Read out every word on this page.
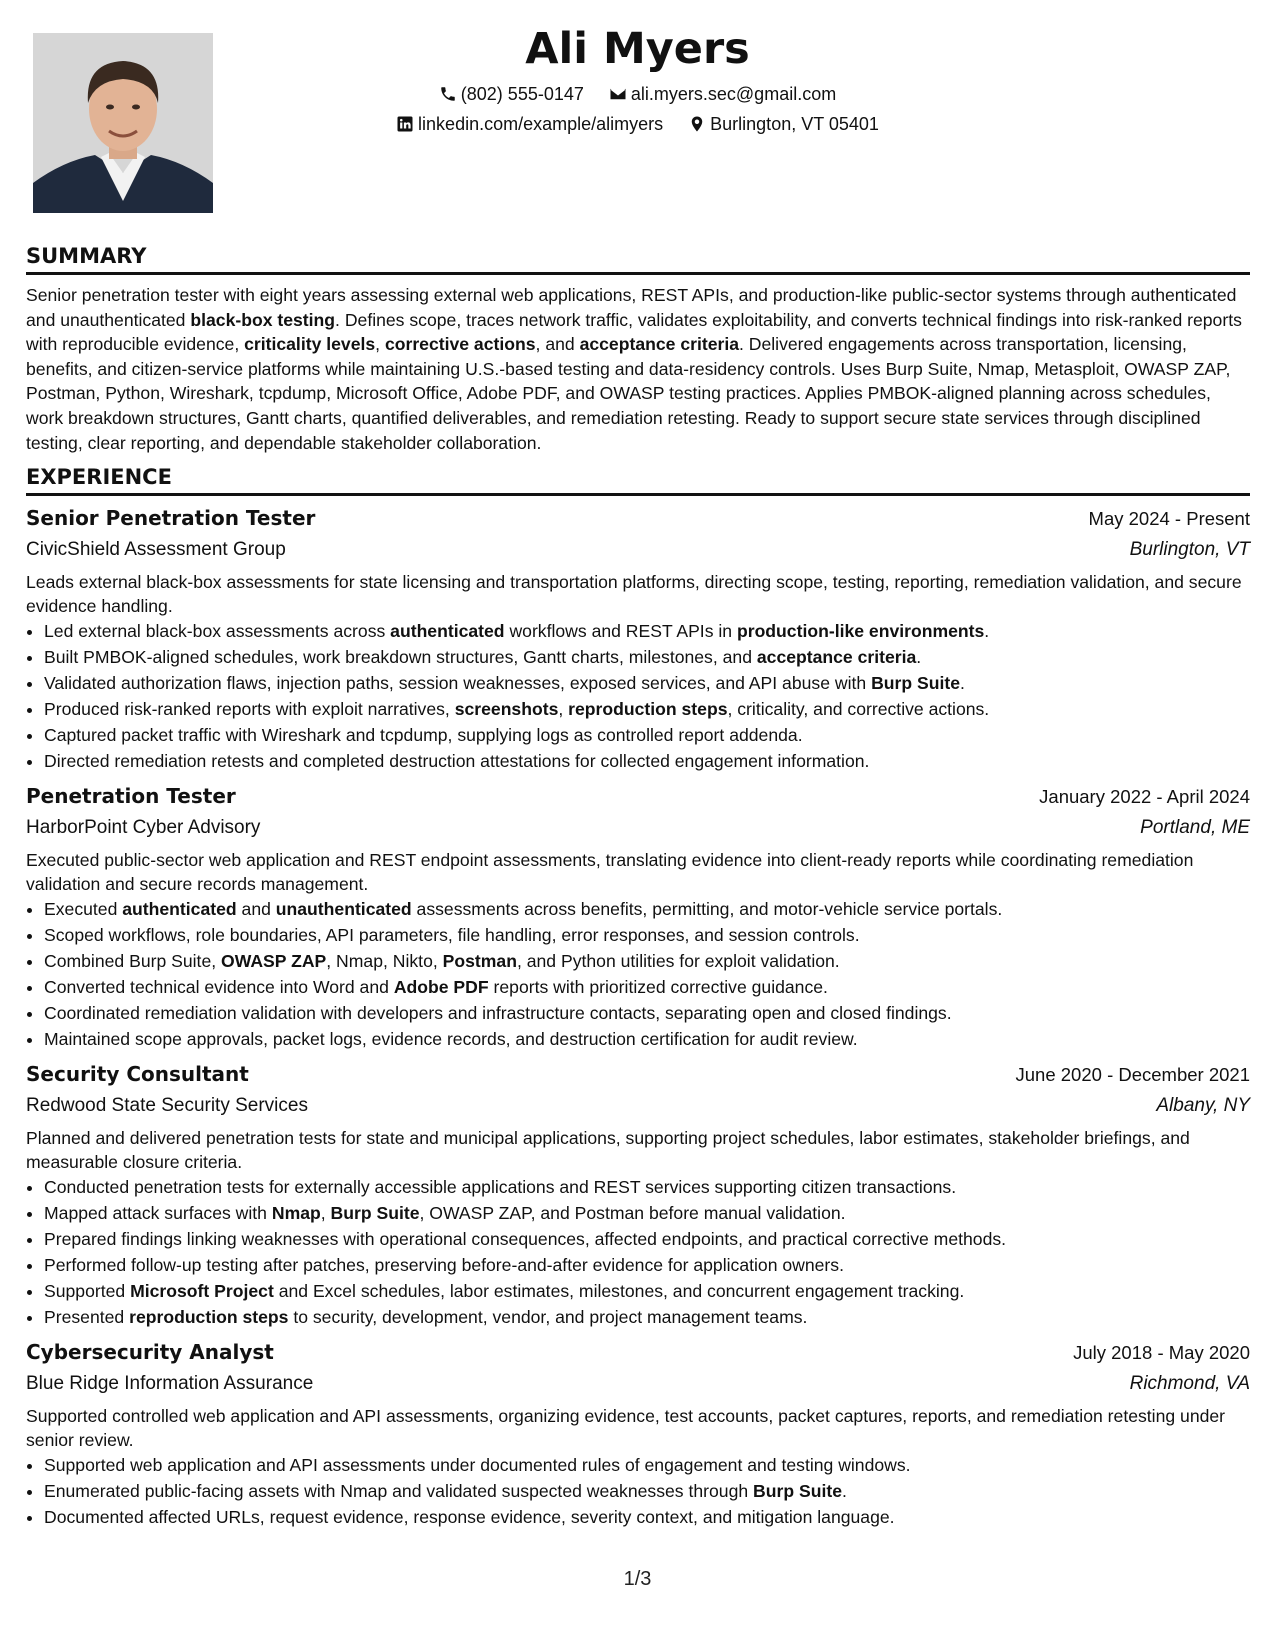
Ali Myers
(802) 555-0147	ali.myers.sec@gmail.com
linkedin.com/example/alimyers	Burlington, VT 05401
SUMMARY

Senior penetration tester with eight years assessing external web applications, REST APIs, and production-like public-sector systems through authenticated and unauthenticated black-box testing. Defines scope, traces network traffic, validates exploitability, and converts technical findings into risk-ranked reports with reproducible evidence, criticality levels, corrective actions, and acceptance criteria. Delivered engagements across transportation, licensing, benefits, and citizen-service platforms while maintaining U.S.-based testing and data-residency controls. Uses Burp Suite, Nmap, Metasploit, OWASP ZAP, Postman, Python, Wireshark, tcpdump, Microsoft Office, Adobe PDF, and OWASP testing practices. Applies PMBOK-aligned planning across schedules, work breakdown structures, Gantt charts, quantified deliverables, and remediation retesting. Ready to support secure state services through disciplined testing, clear reporting, and dependable stakeholder collaboration.

EXPERIENCE
Senior Penetration Tester	May 2024 - Present
CivicShield Assessment Group	Burlington, VT

Leads external black-box assessments for state licensing and transportation platforms, directing scope, testing, reporting, remediation validation, and secure evidence handling.

• Led external black-box assessments across authenticated workflows and REST APIs in production-like environments.
• Built PMBOK-aligned schedules, work breakdown structures, Gantt charts, milestones, and acceptance criteria.
• Validated authorization flaws, injection paths, session weaknesses, exposed services, and API abuse with Burp Suite.
• Produced risk-ranked reports with exploit narratives, screenshots, reproduction steps, criticality, and corrective actions.
• Captured packet traffic with Wireshark and tcpdump, supplying logs as controlled report addenda.
• Directed remediation retests and completed destruction attestations for collected engagement information.
Penetration Tester	January 2022 - April 2024
HarborPoint Cyber Advisory	Portland, ME

Executed public-sector web application and REST endpoint assessments, translating evidence into client-ready reports while coordinating remediation validation and secure records management.

• Executed authenticated and unauthenticated assessments across benefits, permitting, and motor-vehicle service portals.
• Scoped workflows, role boundaries, API parameters, file handling, error responses, and session controls.
• Combined Burp Suite, OWASP ZAP, Nmap, Nikto, Postman, and Python utilities for exploit validation.
• Converted technical evidence into Word and Adobe PDF reports with prioritized corrective guidance.
• Coordinated remediation validation with developers and infrastructure contacts, separating open and closed findings.
• Maintained scope approvals, packet logs, evidence records, and destruction certification for audit review.
Security Consultant	June 2020 - December 2021
Redwood State Security Services	Albany, NY

Planned and delivered penetration tests for state and municipal applications, supporting project schedules, labor estimates, stakeholder briefings, and measurable closure criteria.

• Conducted penetration tests for externally accessible applications and REST services supporting citizen transactions.
• Mapped attack surfaces with Nmap, Burp Suite, OWASP ZAP, and Postman before manual validation.
• Prepared findings linking weaknesses with operational consequences, affected endpoints, and practical corrective methods.
• Performed follow-up testing after patches, preserving before-and-after evidence for application owners.
• Supported Microsoft Project and Excel schedules, labor estimates, milestones, and concurrent engagement tracking.
• Presented reproduction steps to security, development, vendor, and project management teams.
Cybersecurity Analyst	July 2018 - May 2020
Blue Ridge Information Assurance	Richmond, VA

Supported controlled web application and API assessments, organizing evidence, test accounts, packet captures, reports, and remediation retesting under senior review.

• Supported web application and API assessments under documented rules of engagement and testing windows.
• Enumerated public-facing assets with Nmap and validated suspected weaknesses through Burp Suite.
• Documented affected URLs, request evidence, response evidence, severity context, and mitigation language.
1/3
